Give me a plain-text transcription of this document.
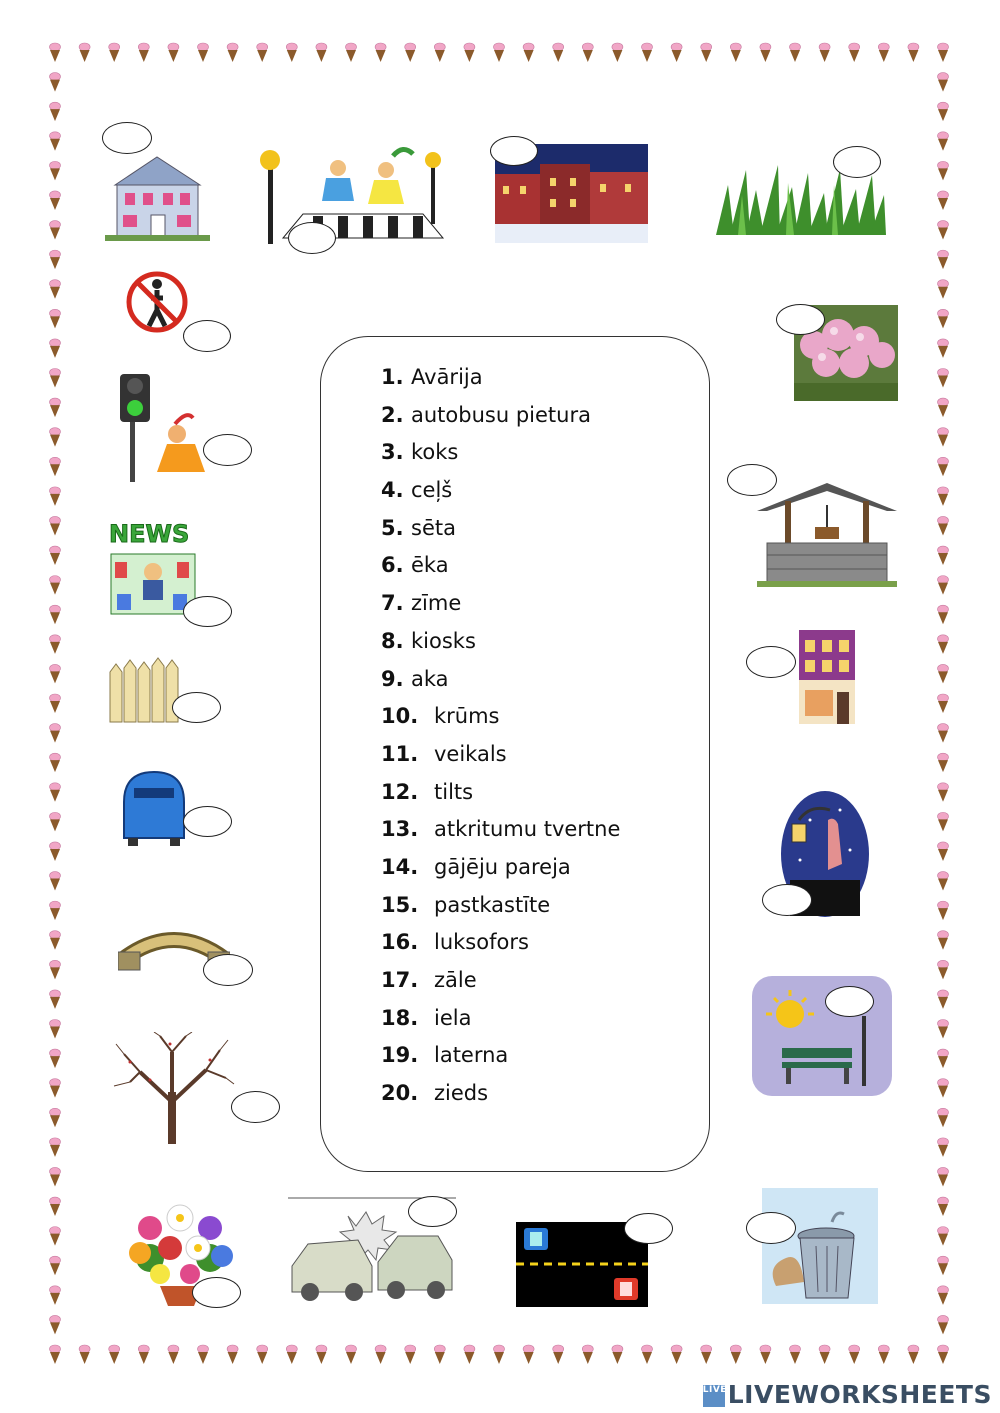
NEWS
1. Avārija
2. autobusu pietura
3. koks
4. ceļš
5. sēta
6. ēka
7. zīme
8. kiosks
9. aka
10. krūms
11. veikals
12. tilts
13. atkritumu tvertne
14. gājēju pareja
15. pastkastīte
16. luksofors
17. zāle
18. iela
19. laterna
20. zieds
LIVELIVEWORKSHEETS
